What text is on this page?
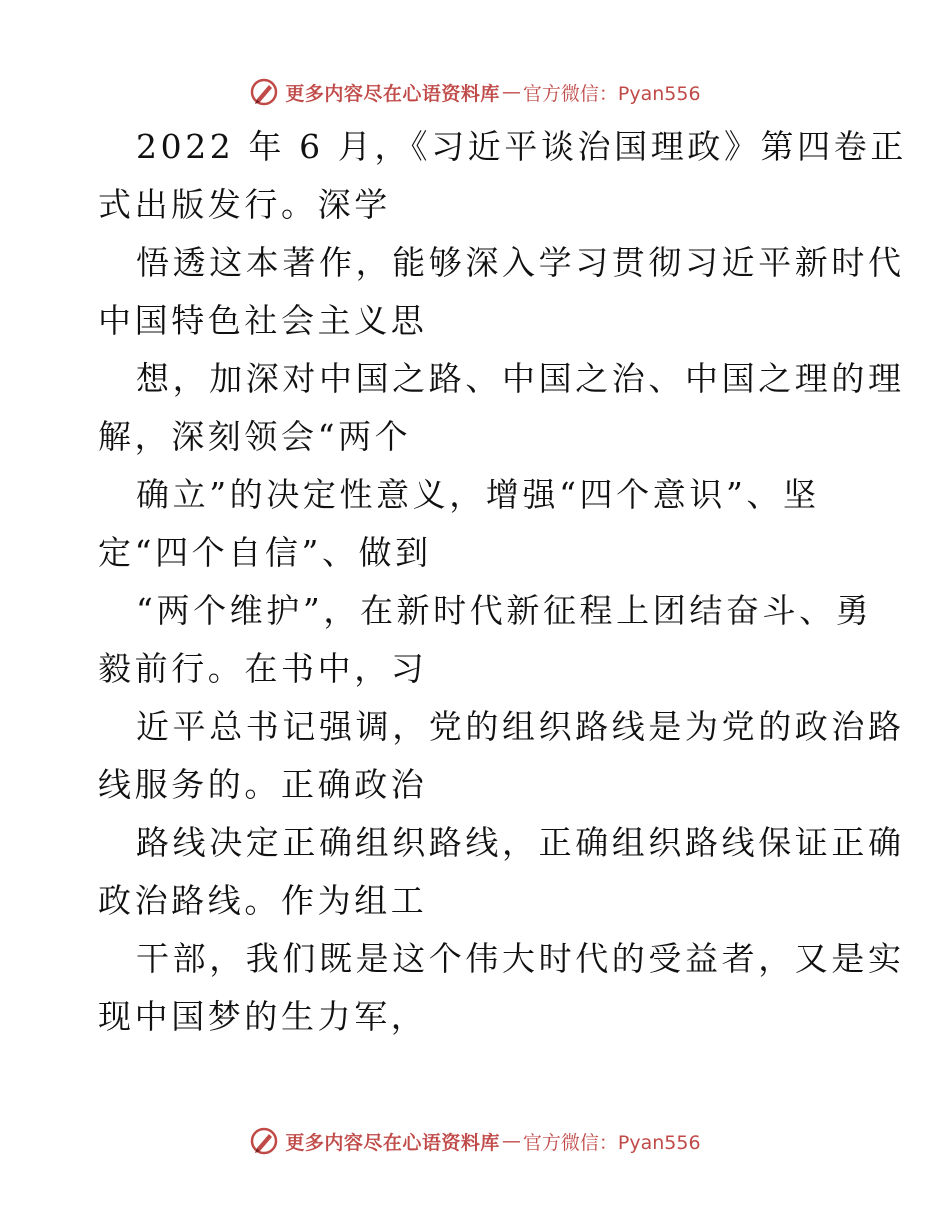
更多内容尽在心语资料库 — 官方微信：Pyan556
2022 年 6 月，《习近平谈治国理政》第四卷正
式出版发行。深学
悟透这本著作，能够深入学习贯彻习近平新时代
中国特色社会主义思
想，加深对中国之路、中国之治、中国之理的理
解，深刻领会“两个
确立”的决定性意义，增强“四个意识”、坚
定“四个自信”、做到
“两个维护”，在新时代新征程上团结奋斗、勇
毅前行。在书中，习
近平总书记强调，党的组织路线是为党的政治路
线服务的。正确政治
路线决定正确组织路线，正确组织路线保证正确
政治路线。作为组工
干部，我们既是这个伟大时代的受益者，又是实
现中国梦的生力军，
更多内容尽在心语资料库 — 官方微信：Pyan556
